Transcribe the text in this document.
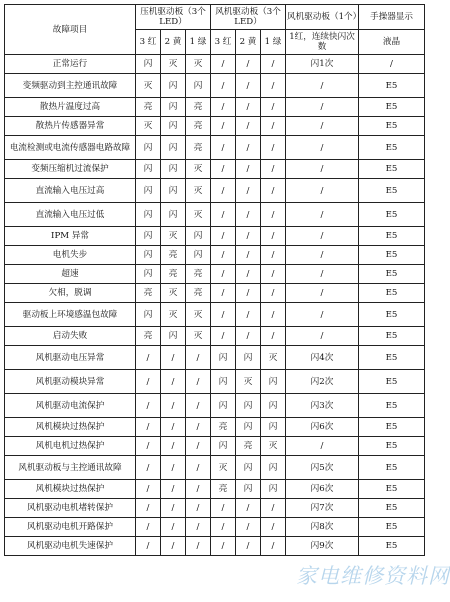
故障项目	压机驱动板（3个LED）			风机驱动板（3个LED）			风机驱动板（1个）	手操器显示
	3 红	2 黄	1 绿	3 红	2 黄	1 绿	1红，连续快闪次数	液晶
正常运行	闪	灭	灭	/	/	/	闪1次	/
变频驱动到主控通讯故障	灭	闪	闪	/	/	/	/	E5
散热片温度过高	亮	闪	亮	/	/	/	/	E5
散热片传感器异常	灭	闪	亮	/	/	/	/	E5
电流检测或电流传感器电路故障	闪	闪	亮	/	/	/	/	E5
变频压缩机过流保护	闪	闪	灭	/	/	/	/	E5
直流输入电压过高	闪	闪	灭	/	/	/	/	E5
直流输入电压过低	闪	闪	灭	/	/	/	/	E5
IPM 异常	闪	灭	闪	/	/	/	/	E5
电机失步	闪	亮	闪	/	/	/	/	E5
超速	闪	亮	亮	/	/	/	/	E5
欠相，脱调	亮	灭	亮	/	/	/	/	E5
驱动板上环境感温包故障	闪	灭	灭	/	/	/	/	E5
启动失败	亮	闪	灭	/	/	/	/	E5
风机驱动电压异常	/	/	/	闪	闪	灭	闪4次	E5
风机驱动模块异常	/	/	/	闪	灭	闪	闪2次	E5
风机驱动电流保护	/	/	/	闪	闪	闪	闪3次	E5
风机模块过热保护	/	/	/	亮	闪	闪	闪6次	E5
风机电机过热保护	/	/	/	闪	亮	灭	/	E5
风机驱动板与主控通讯故障	/	/	/	灭	闪	闪	闪5次	E5
风机模块过热保护	/	/	/	亮	闪	闪	闪6次	E5
风机驱动电机堵转保护	/	/	/	/	/	/	闪7次	E5
风机驱动电机开路保护	/	/	/	/	/	/	闪8次	E5
风机驱动电机失速保护	/	/	/	/	/	/	闪9次	E5
家电维修资料网
